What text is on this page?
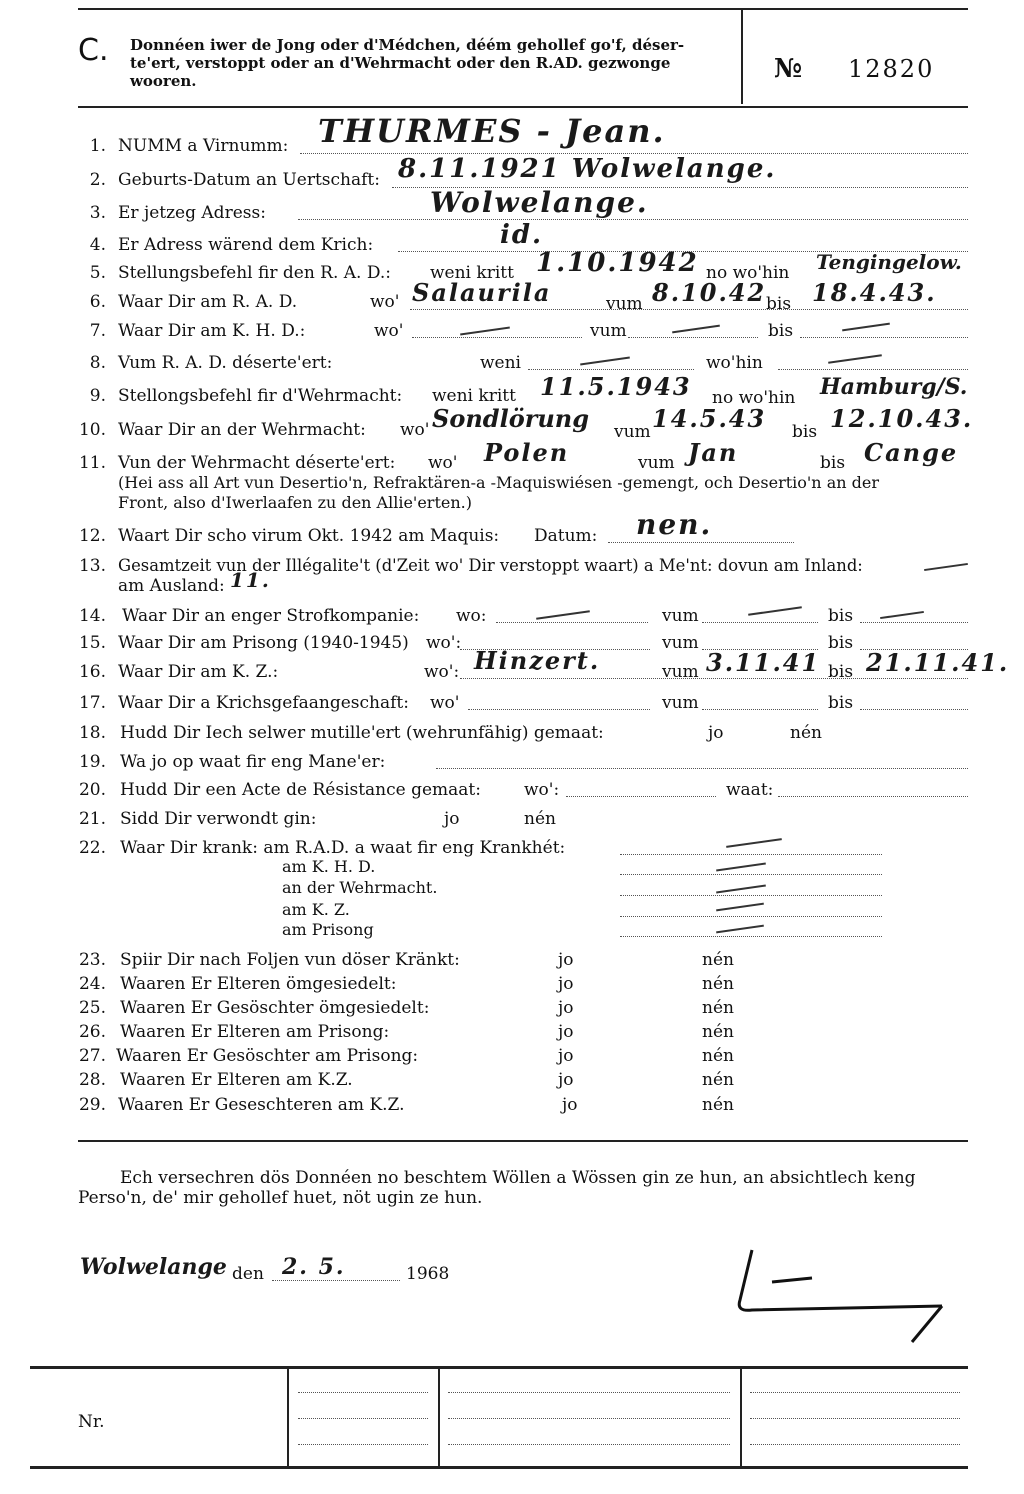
C. Donnéen iwer de Jong oder d'Médchen, déém gehollef go'f, déser-
te'ert, verstoppt oder an d'Wehrmacht oder den R.AD. gezwonge
wooren.	№ 12820
1. NUMM a Virnumm: THURMES - Jean.
2. Geburts-Datum an Uertschaft: 8.11.1921 Wolwelange.
3. Er jetzeg Adress:	Wolwelange.
4. Er Adress wärend dem Krich:	id.
5. Stellungsbefehl fir den R. A. D.: weni kritt 1.10.1942 no wo'hin Tengingelow.
6. Waar Dir am R. A. D.	wo' Salaurila	vum 8.10.42 bis 18.4.43.
7. Waar Dir am K. H. D.:	wo'	vum	bis
8. Vum R. A. D. déserte'ert:	weni	wo'hin
9. Stellongsbefehl fir d'Wehrmacht: weni kritt 11.5.1943 no wo'hin Hamburg/S.
10. Waar Dir an der Wehrmacht: wo' Sondlörung vum 14.5.43 bis 12.10.43.
11. Vun der Wehrmacht déserte'ert: wo' Polen	vum Jan	bis Cange
(Hei ass all Art vun Desertio'n, Refraktären-a -Maquiswiésen -gemengt, och Desertio'n an der
Front, also d'Iwerlaafen zu den Allie'erten.)
12. Waart Dir scho virum Okt. 1942 am Maquis: Datum: nen.
13. Gesamtzeit vun der Illégalite't (d'Zeit wo' Dir verstoppt waart) a Me'nt: dovun am Inland:
am Ausland: 11.
14. Waar Dir an enger Strofkompanie: wo:	vum	bis
15. Waar Dir am Prisong (1940-1945) wo':	vum	bis
16. Waar Dir am K. Z.:	wo': Hinzert.	vum 3.11.41 bis 21.11.41.
17. Waar Dir a Krichsgefaangeschaft: wo'	vum	bis
18. Hudd Dir Iech selwer mutille'ert (wehrunfähig) gemaat:	jo	nén
19. Wa jo op waat fir eng Mane'er:
20. Hudd Dir een Acte de Résistance gemaat:	wo':	waat:
21. Sidd Dir verwondt gin:	jo	nén
22. Waar Dir krank: am R.A.D. a waat fir eng Krankhét:
am K. H. D.
an der Wehrmacht.
am K. Z.
am Prisong
23. Spiir Dir nach Foljen vun döser Kränkt:	jo	nén
24. Waaren Er Elteren ömgesiedelt:	jo	nén
25. Waaren Er Gesöschter ömgesiedelt:	jo	nén
26. Waaren Er Elteren am Prisong:	jo	nén
27. Waaren Er Gesöschter am Prisong:	jo	nén
28. Waaren Er Elteren am K.Z.	jo	nén
29. Waaren Er Geseschteren am K.Z.	jo	nén
Ech versechren dös Donnéen no beschtem Wöllen a Wössen gin ze hun, an absichtlech keng
Perso'n, de' mir gehollef huet, nöt ugin ze hun.
Wolwelange den 2. 5.	1968
Nr.
